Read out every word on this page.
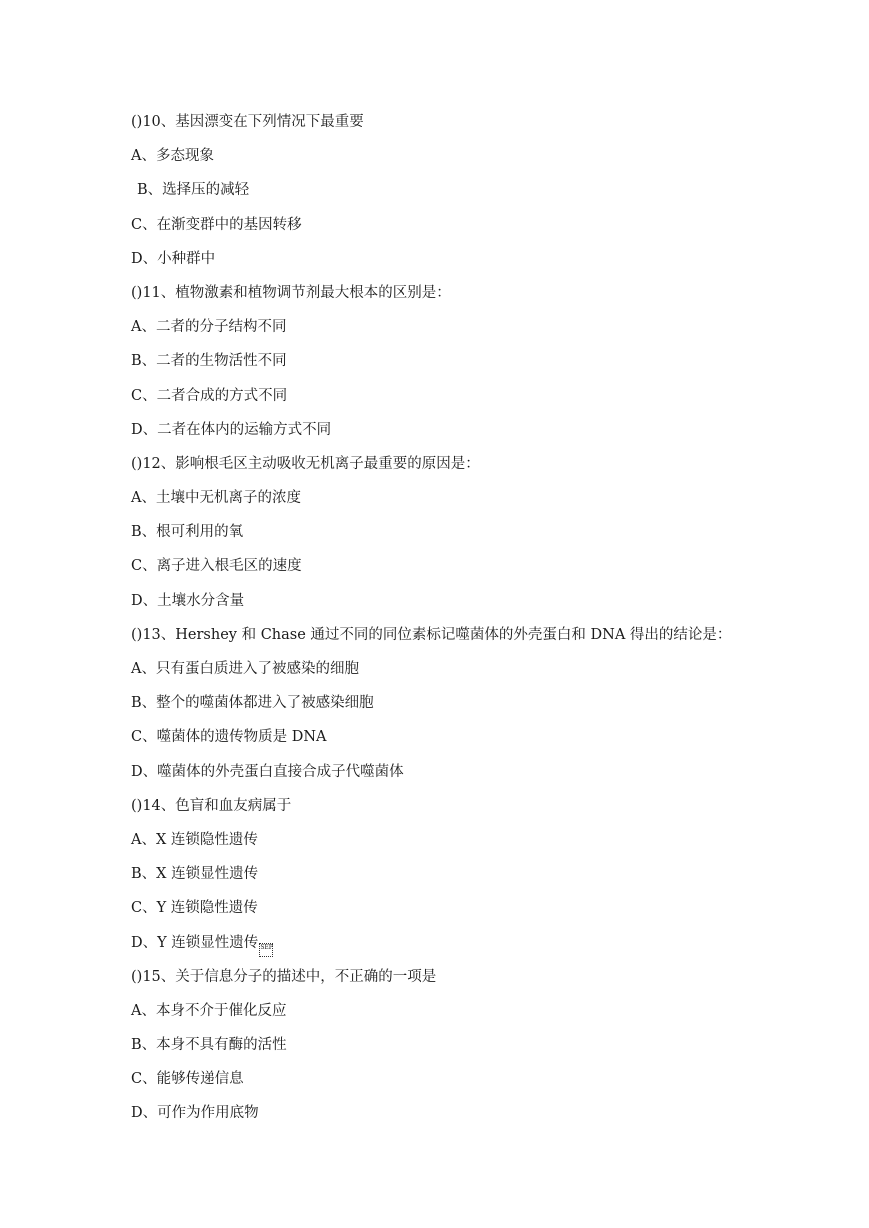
()10、基因漂变在下列情况下最重要
A、多态现象
B、选择压的减轻
C、在渐变群中的基因转移
D、小种群中
()11、植物激素和植物调节剂最大根本的区别是：
A、二者的分子结构不同
B、二者的生物活性不同
C、二者合成的方式不同
D、二者在体内的运输方式不同
()12、影响根毛区主动吸收无机离子最重要的原因是：
A、土壤中无机离子的浓度
B、根可利用的氧
C、离子进入根毛区的速度
D、土壤水分含量
()13、Hershey 和 Chase 通过不同的同位素标记噬菌体的外壳蛋白和 DNA 得出的结论是：
A、只有蛋白质进入了被感染的细胞
B、整个的噬菌体都进入了被感染细胞
C、噬菌体的遗传物质是 DNA
D、噬菌体的外壳蛋白直接合成子代噬菌体
()14、色盲和血友病属于
A、X 连锁隐性遗传
B、X 连锁显性遗传
C、Y 连锁隐性遗传
D、Y 连锁显性遗传 SEP
()15、关于信息分子的描述中，不正确的一项是
A、本身不介于催化反应
B、本身不具有酶的活性
C、能够传递信息
D、可作为作用底物
